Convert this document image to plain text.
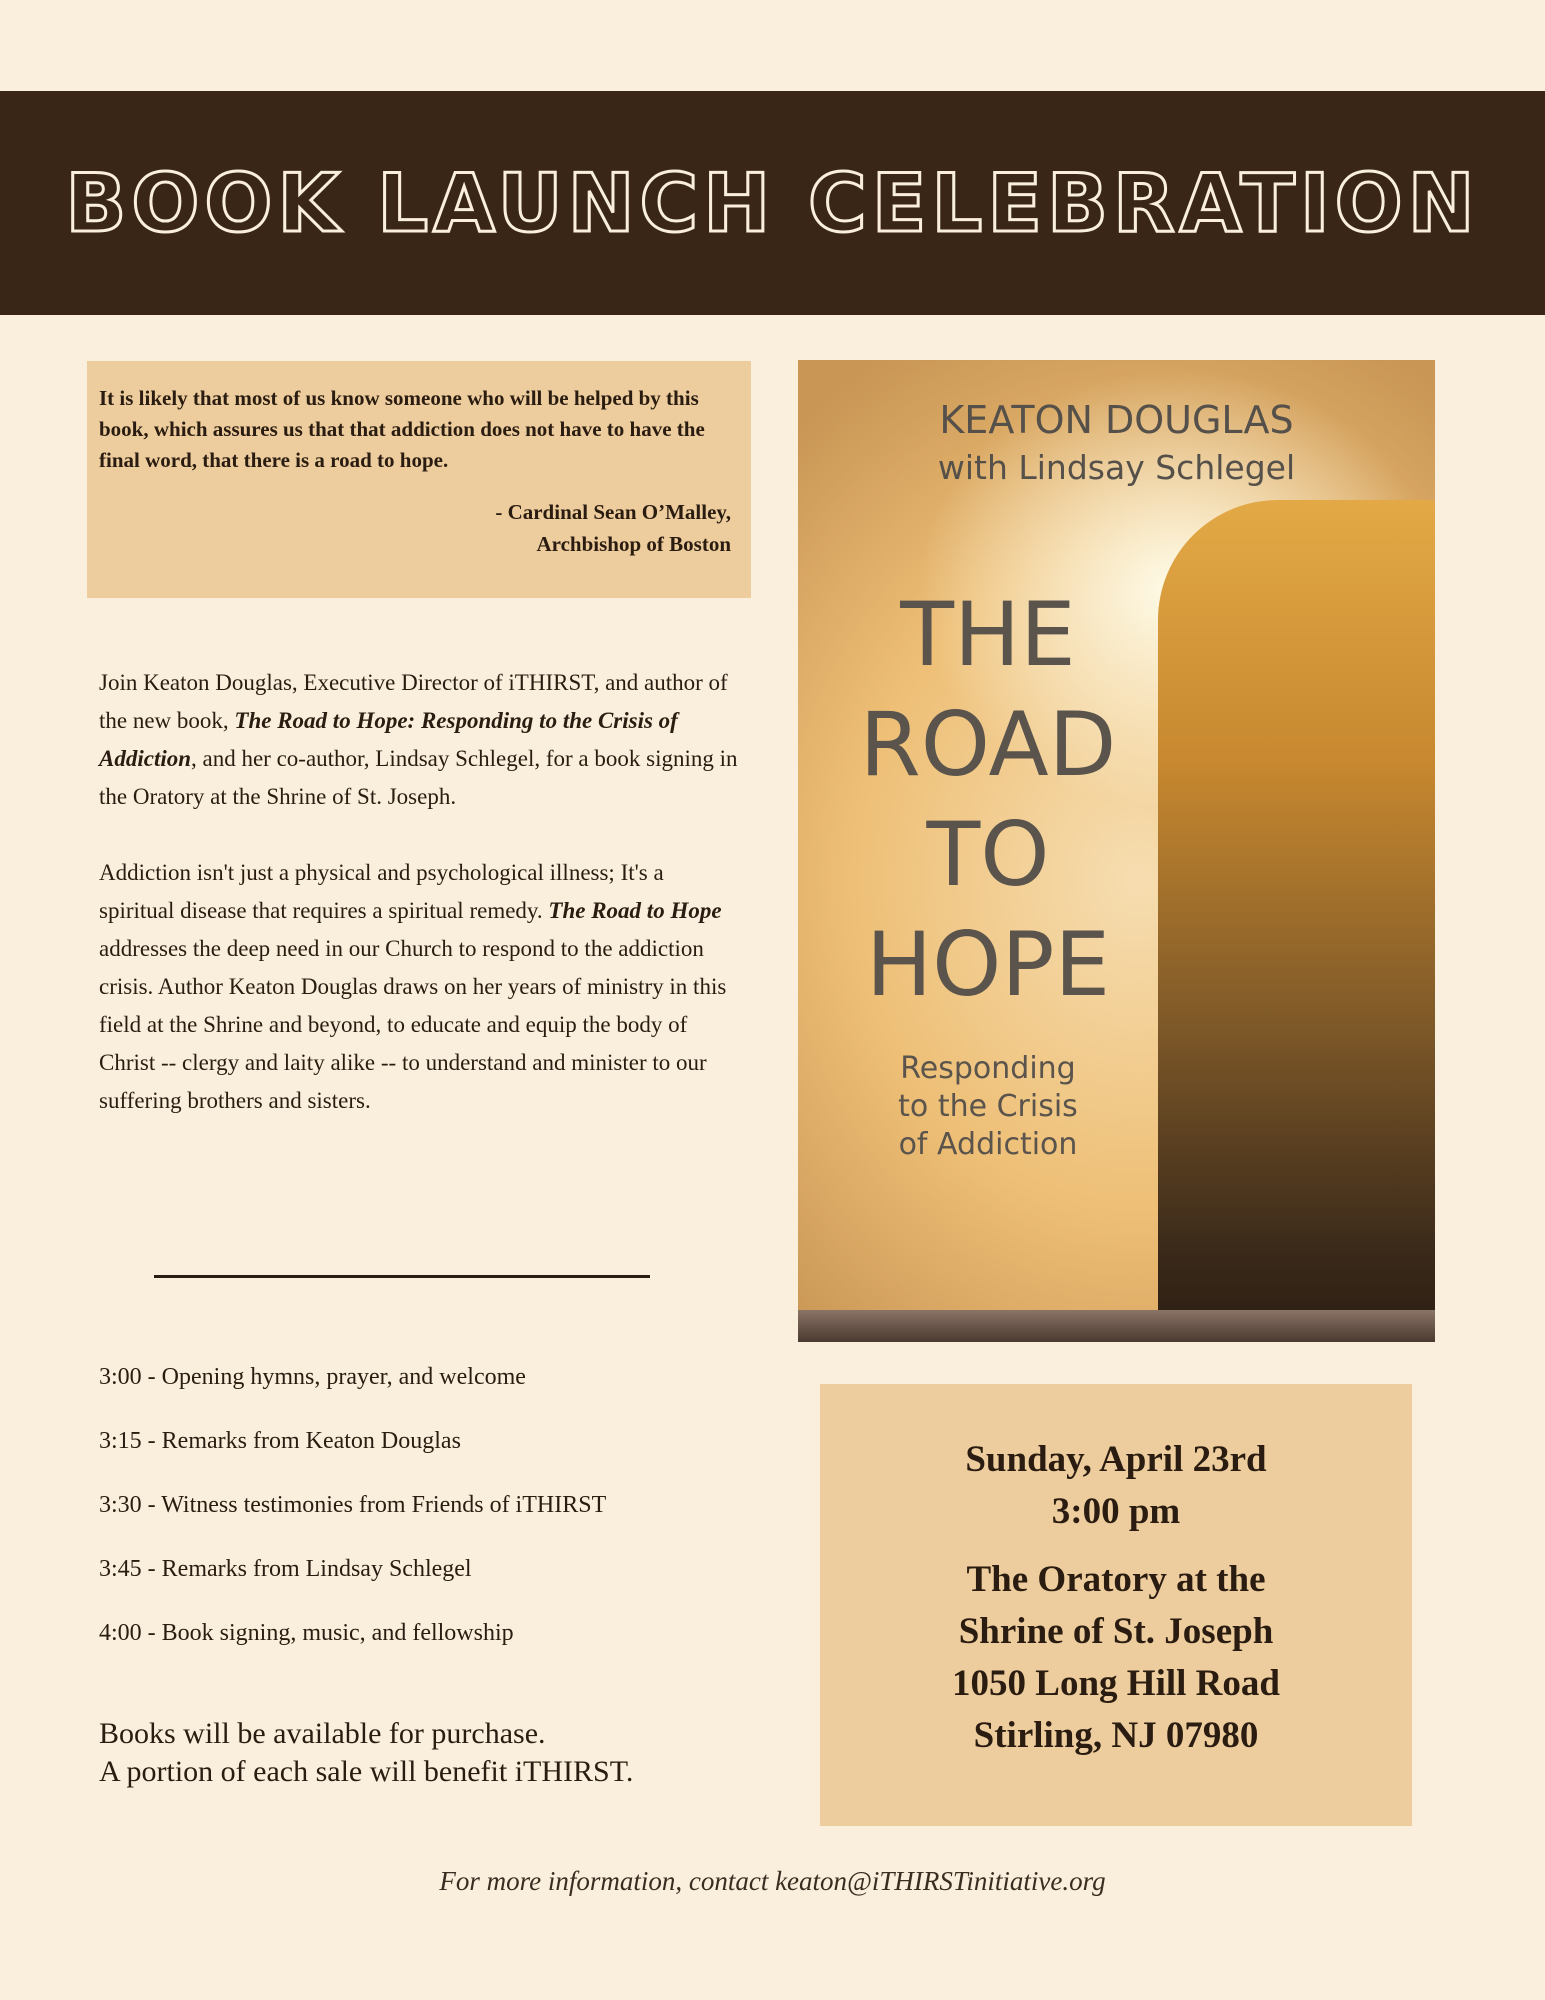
BOOK LAUNCH CELEBRATION

It is likely that most of us know someone who will be helped by this book, which assures us that that addiction does not have to have the final word, that there is a road to hope.

- Cardinal Sean O’Malley,
Archbishop of Boston

Join Keaton Douglas, Executive Director of iTHIRST, and author of the new book, The Road to Hope: Responding to the Crisis of Addiction, and her co-author, Lindsay Schlegel, for a book signing in the Oratory at the Shrine of St. Joseph.

Addiction isn't just a physical and psychological illness; It's a spiritual disease that requires a spiritual remedy. The Road to Hope addresses the deep need in our Church to respond to the addiction crisis. Author Keaton Douglas draws on her years of ministry in this field at the Shrine and beyond, to educate and equip the body of Christ -- clergy and laity alike -- to understand and minister to our suffering brothers and sisters.

3:00 - Opening hymns, prayer, and welcome
3:15 - Remarks from Keaton Douglas
3:30 - Witness testimonies from Friends of iTHIRST
3:45 - Remarks from Lindsay Schlegel
4:00 - Book signing, music, and fellowship
Books will be available for purchase.
A portion of each sale will benefit iTHIRST.
KEATON DOUGLAS
with Lindsay Schlegel
THE
ROAD
TO
HOPE
Responding
to the Crisis
of Addiction
Sunday, April 23rd
3:00 pm
The Oratory at the
Shrine of St. Joseph
1050 Long Hill Road
Stirling, NJ 07980
For more information, contact keaton@iTHIRSTinitiative.org
